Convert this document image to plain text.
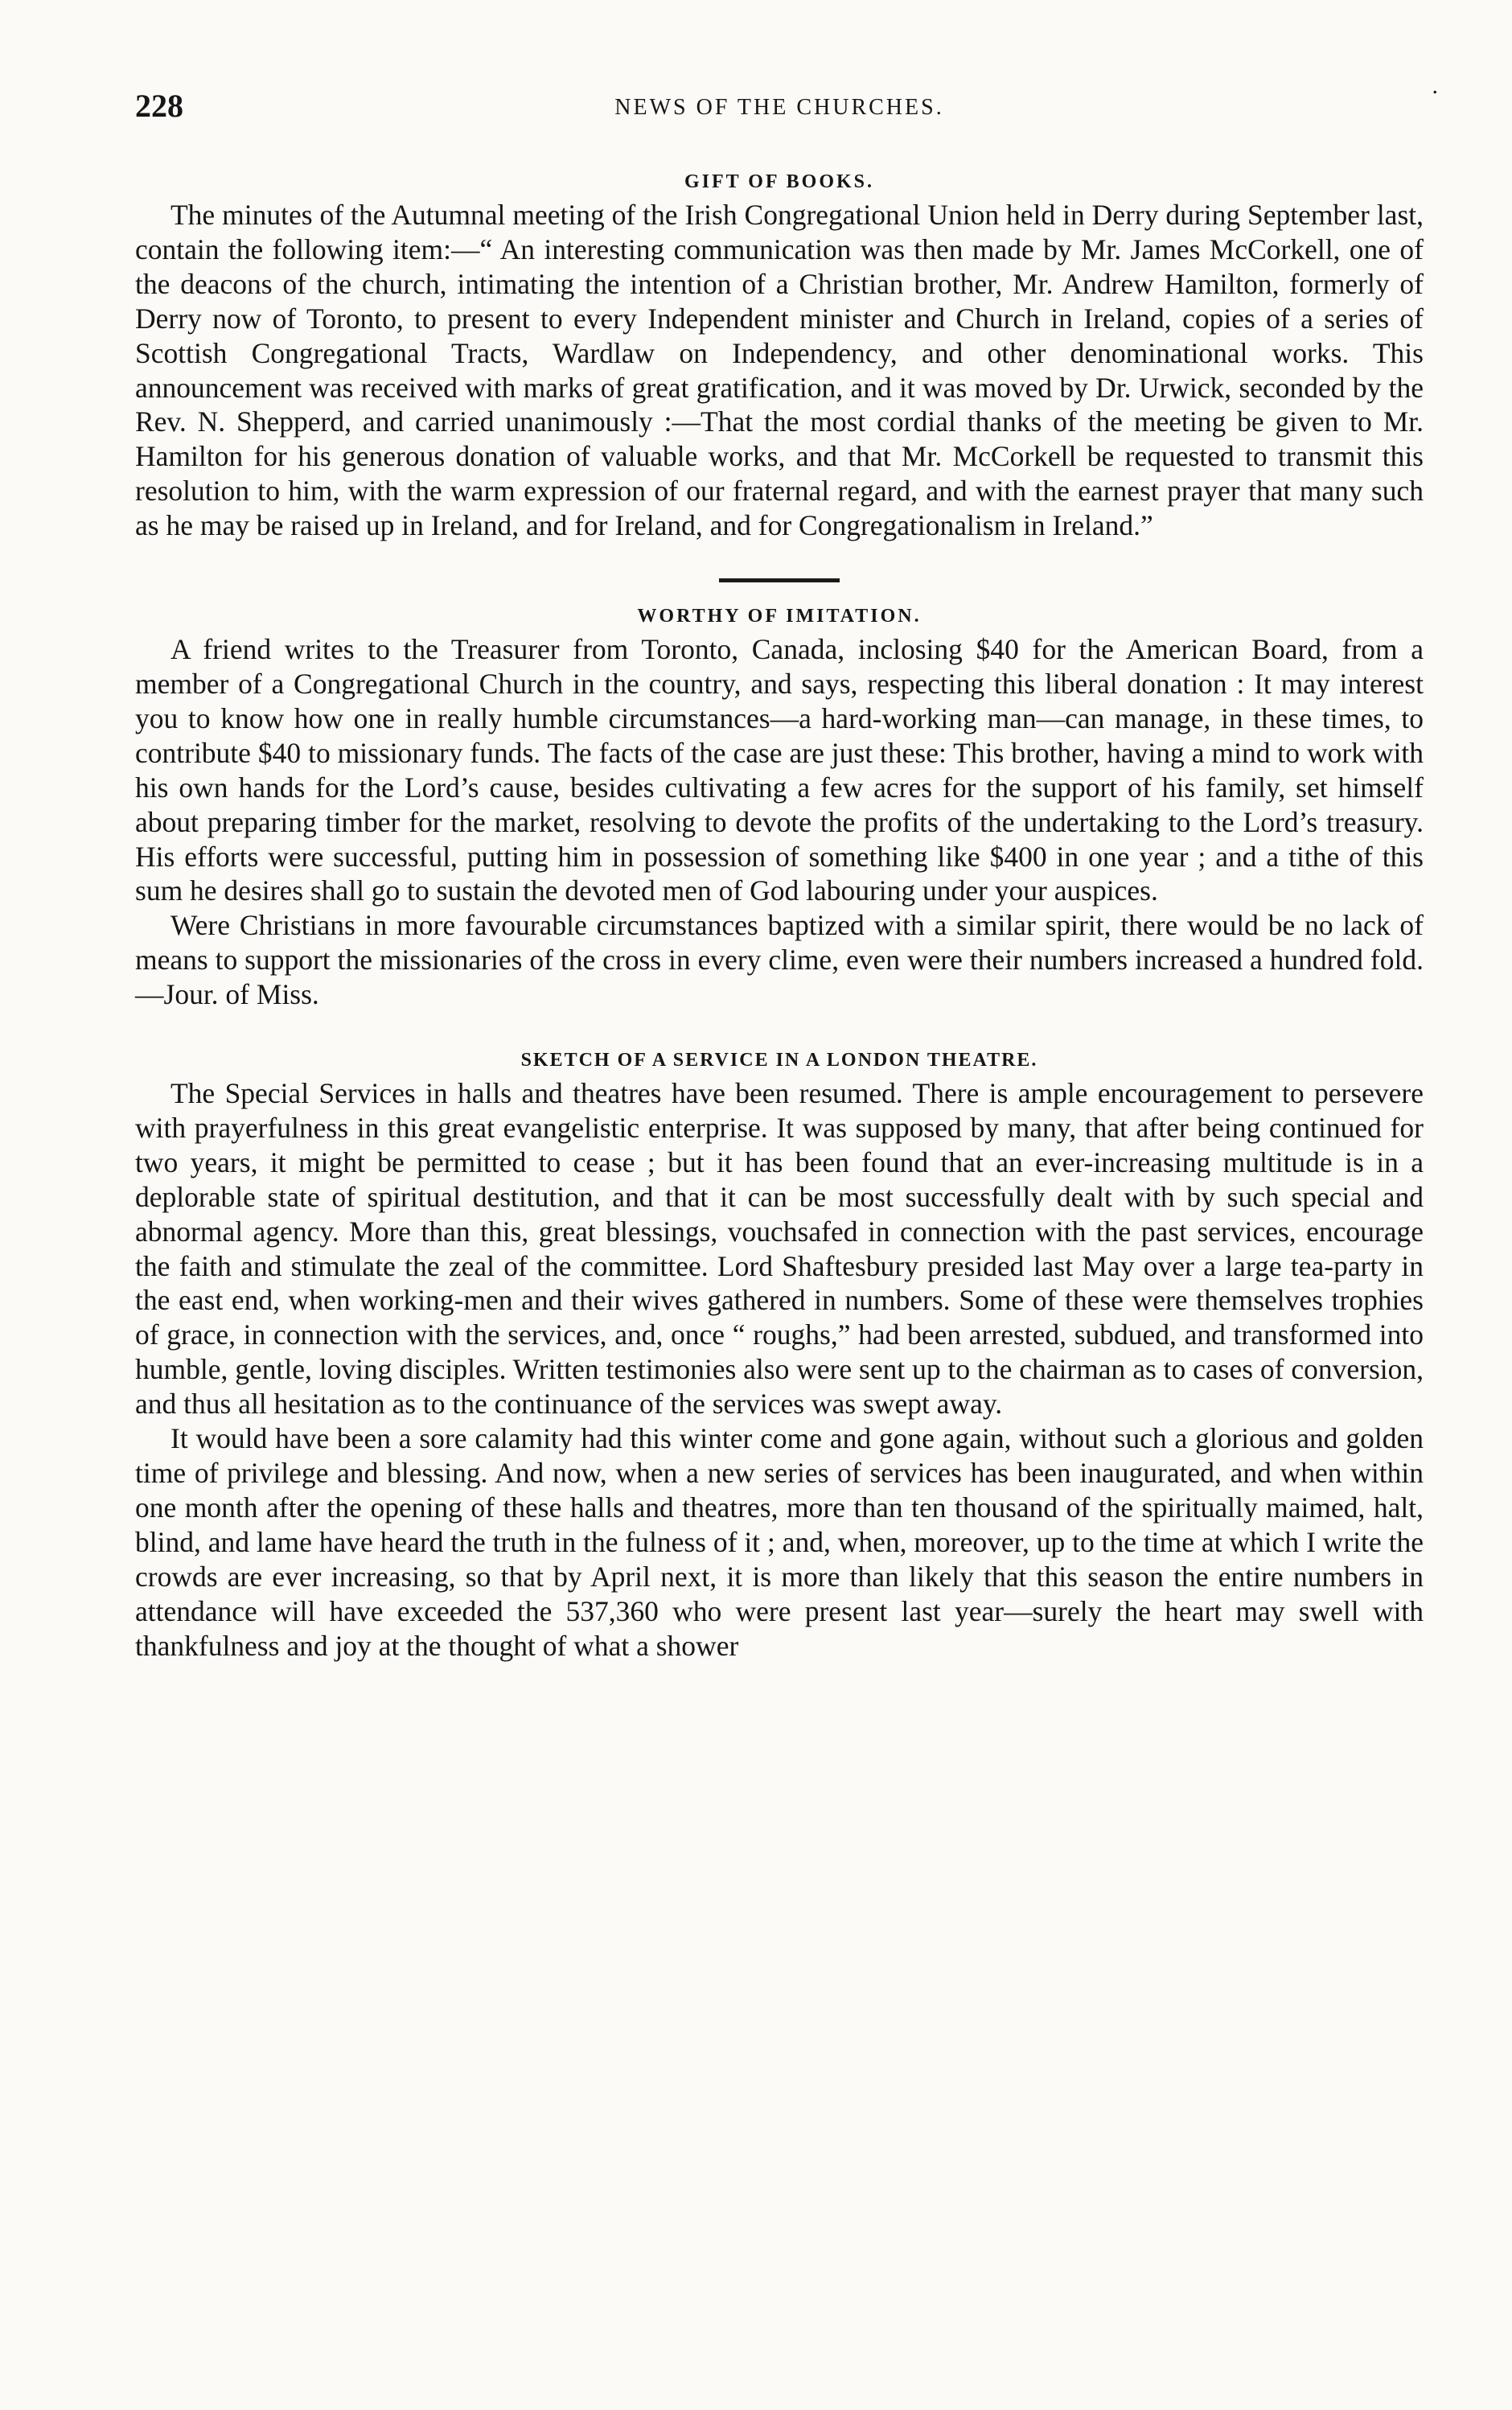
228	NEWS OF THE CHURCHES.
.
GIFT OF BOOKS.

The minutes of the Autumnal meeting of the Irish Congregational Union held in Derry during September last, contain the following item:—“ An interesting communication was then made by Mr. James McCorkell, one of the deacons of the church, intimating the intention of a Christian brother, Mr. Andrew Hamilton, formerly of Derry now of Toronto, to present to every Independent minister and Church in Ireland, copies of a series of Scottish Congregational Tracts, Wardlaw on Independency, and other denominational works. This announcement was received with marks of great gratification, and it was moved by Dr. Urwick, seconded by the Rev. N. Shepperd, and carried unanimously :—That the most cordial thanks of the meeting be given to Mr. Hamilton for his generous donation of valuable works, and that Mr. McCorkell be requested to transmit this resolution to him, with the warm expression of our fraternal regard, and with the earnest prayer that many such as he may be raised up in Ireland, and for Ireland, and for Congregationalism in Ireland.”

WORTHY OF IMITATION.

A friend writes to the Treasurer from Toronto, Canada, inclosing $40 for the American Board, from a member of a Congregational Church in the country, and says, respecting this liberal donation : It may interest you to know how one in really humble circumstances—a hard-working man—can manage, in these times, to contribute $40 to missionary funds. The facts of the case are just these: This brother, having a mind to work with his own hands for the Lord’s cause, besides cultivating a few acres for the support of his family, set himself about preparing timber for the market, resolving to devote the profits of the undertaking to the Lord’s treasury. His efforts were successful, putting him in possession of something like $400 in one year ; and a tithe of this sum he desires shall go to sustain the devoted men of God labouring under your auspices.

Were Christians in more favourable circumstances baptized with a similar spirit, there would be no lack of means to support the missionaries of the cross in every clime, even were their numbers increased a hundred fold.—Jour. of Miss.

SKETCH OF A SERVICE IN A LONDON THEATRE.

The Special Services in halls and theatres have been resumed. There is ample encouragement to persevere with prayerfulness in this great evangelistic enterprise. It was supposed by many, that after being continued for two years, it might be permitted to cease ; but it has been found that an ever-increasing multitude is in a deplorable state of spiritual destitution, and that it can be most successfully dealt with by such special and abnormal agency. More than this, great blessings, vouchsafed in connection with the past services, encourage the faith and stimulate the zeal of the committee. Lord Shaftesbury presided last May over a large tea-party in the east end, when working-men and their wives gathered in numbers. Some of these were themselves trophies of grace, in connection with the services, and, once “ roughs,” had been arrested, subdued, and transformed into humble, gentle, loving disciples. Written testimonies also were sent up to the chairman as to cases of conversion, and thus all hesitation as to the continuance of the services was swept away.

It would have been a sore calamity had this winter come and gone again, without such a glorious and golden time of privilege and blessing. And now, when a new series of services has been inaugurated, and when within one month after the opening of these halls and theatres, more than ten thousand of the spiritually maimed, halt, blind, and lame have heard the truth in the fulness of it ; and, when, moreover, up to the time at which I write the crowds are ever increasing, so that by April next, it is more than likely that this season the entire numbers in attendance will have exceeded the 537,360 who were present last year—surely the heart may swell with thankfulness and joy at the thought of what a shower
